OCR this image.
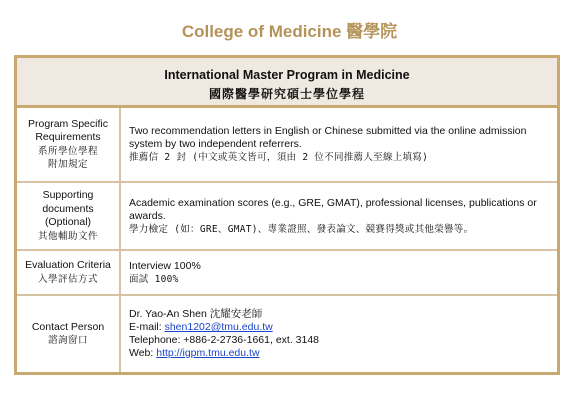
College of Medicine 醫學院
International Master Program in Medicine
國際醫學研究碩士學位學程
Program Specific
Requirements
系所學位學程
附加規定
Two recommendation letters in English or Chinese submitted via the online admission system by two independent referrers.
推薦信 2 封 (中文或英文皆可，須由 2 位不同推薦人至線上填寫)
Supporting
documents
(Optional)
其他輔助文件
Academic examination scores (e.g., GRE, GMAT), professional licenses, publications or awards.
學力檢定 (如：GRE、GMAT)、專業證照、發表論文、競賽得獎或其他榮譽等。
Evaluation Criteria
入學評估方式
Interview 100%
面試 100%
Contact Person
諮詢窗口
Dr. Yao-An Shen 沈耀安老師
E-mail: shen1202@tmu.edu.tw
Telephone: +886-2-2736-1661, ext. 3148
Web: http://igpm.tmu.edu.tw
